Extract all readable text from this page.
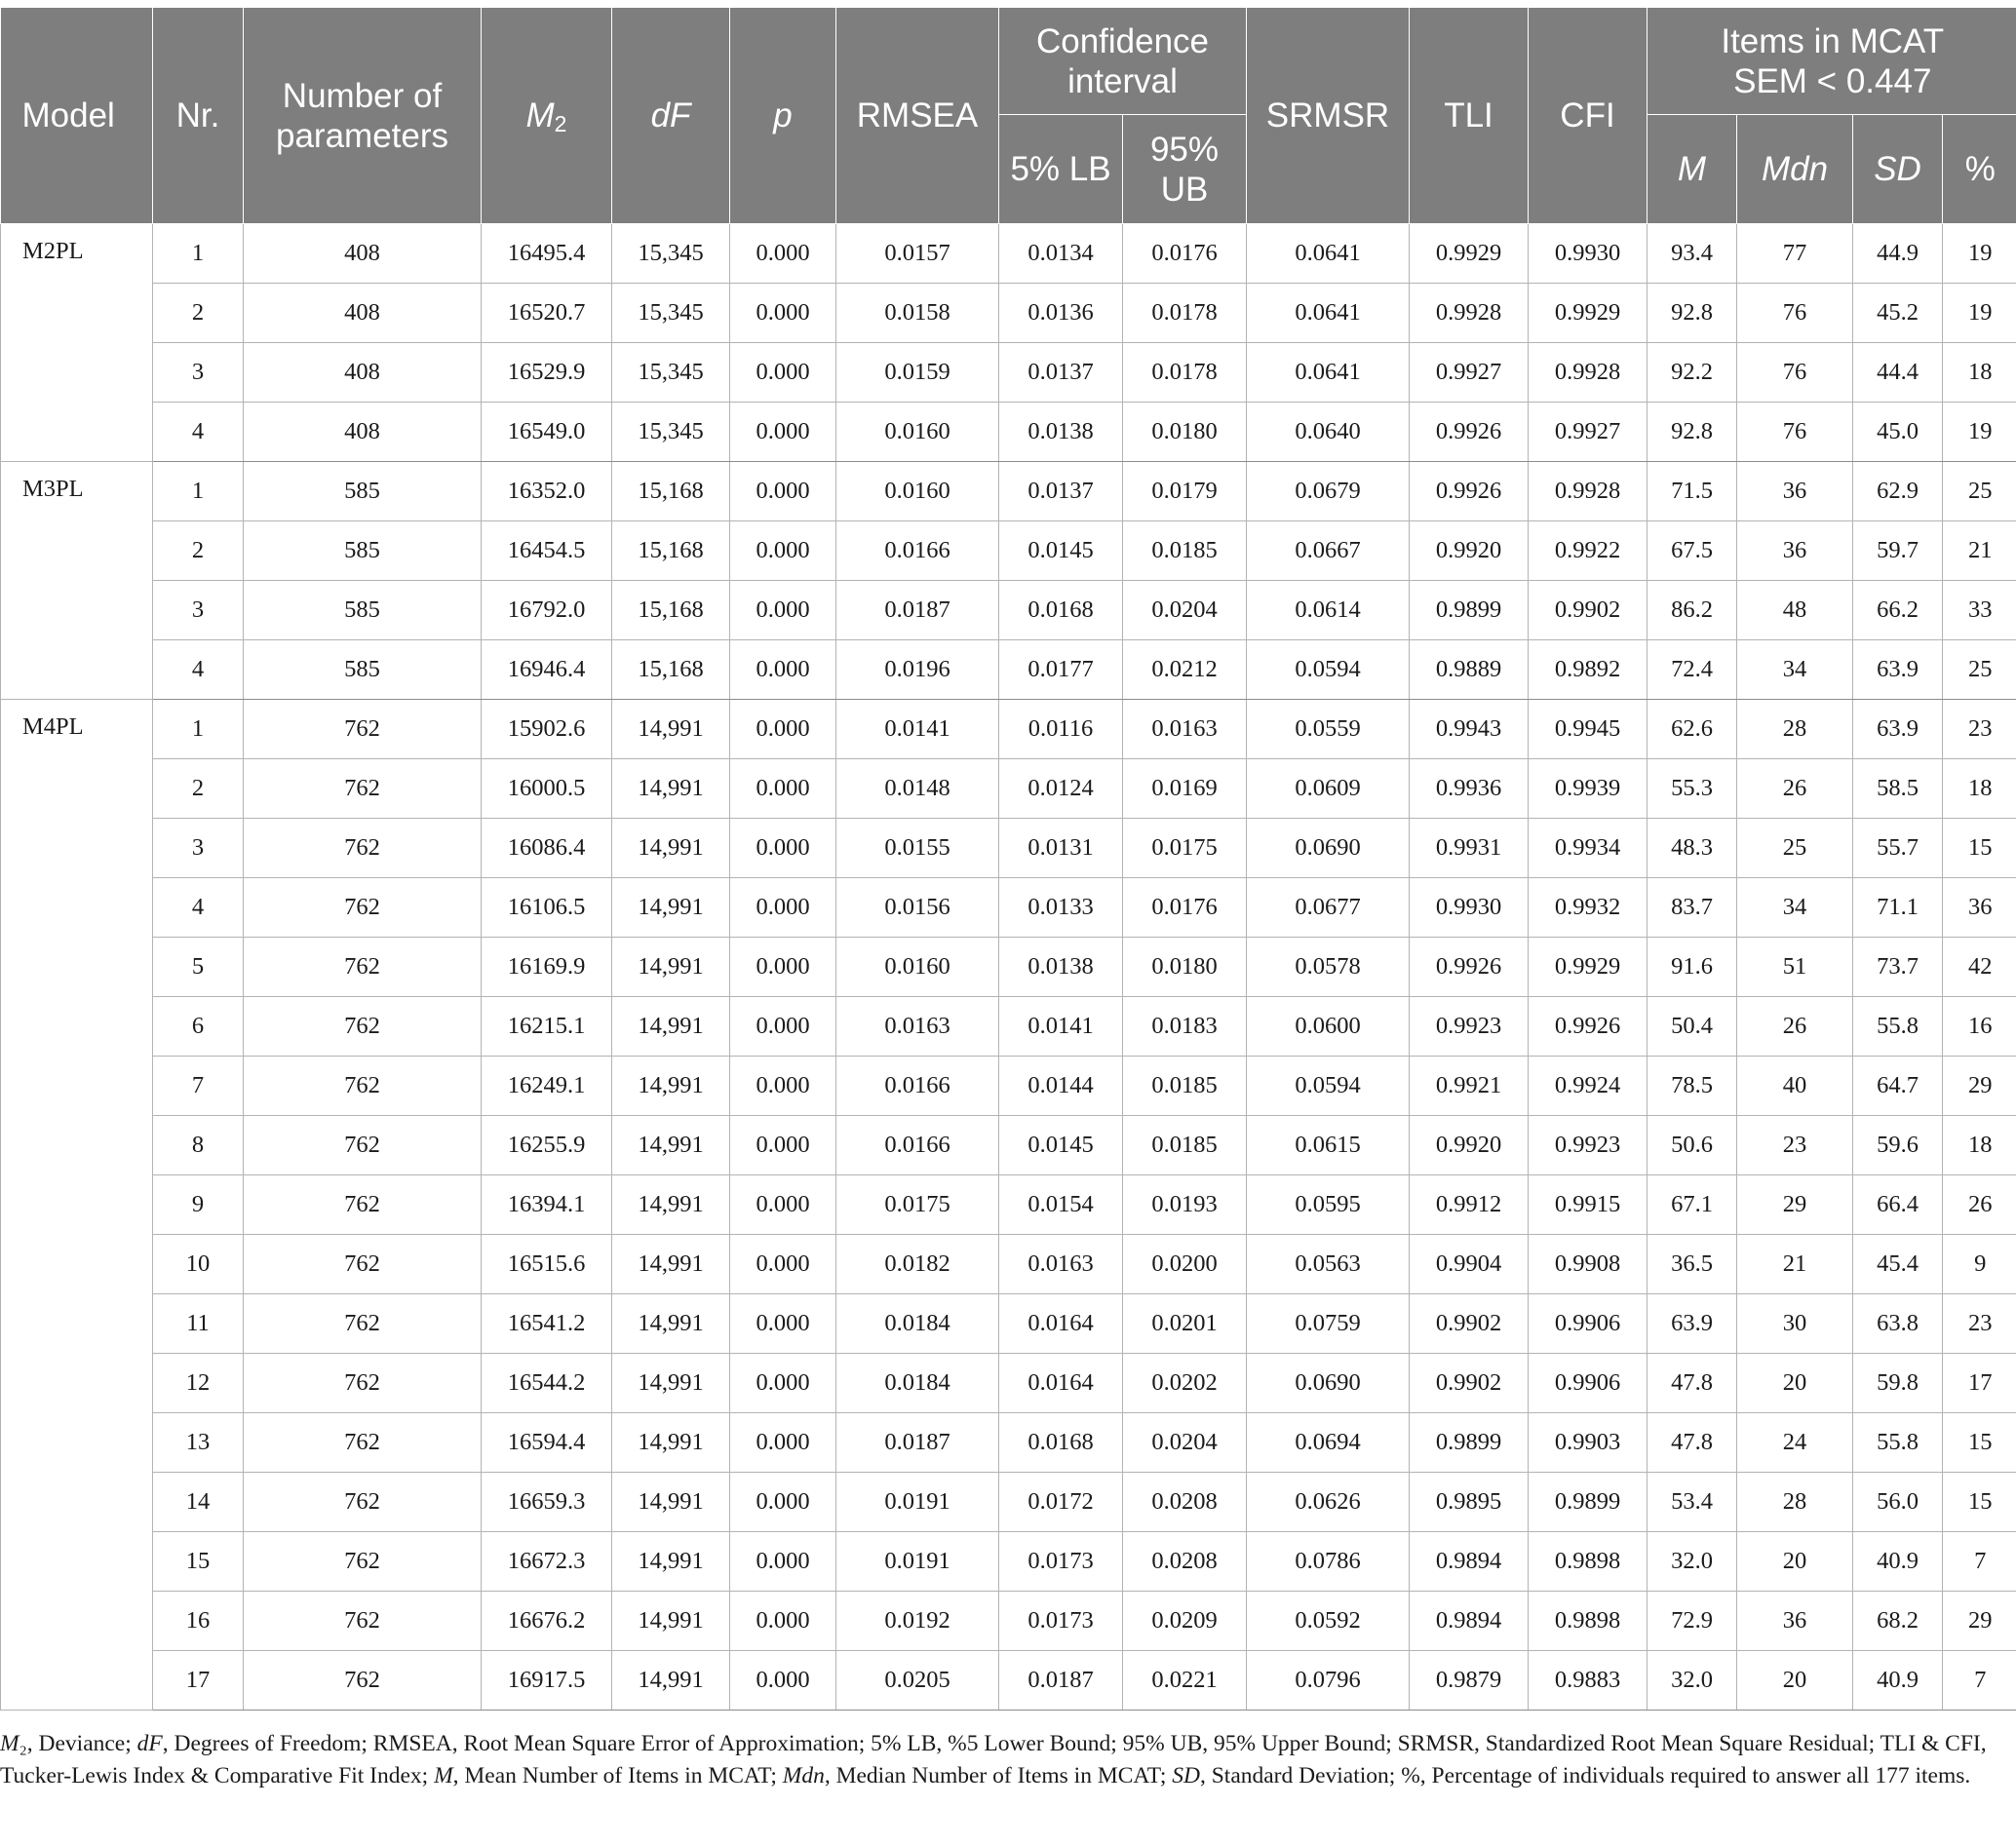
Model	Nr.	Number of parameters	$M_2$	dF	p	RMSEA	Confidence interval		SRMSR	TLI	CFI	Items in MCAT
SEM < 0.447			
							5% LB	95% UB				M	Mdn	SD	%
M2PL	1	408	16495.4	15,345	0.000	0.0157	0.0134	0.0176	0.0641	0.9929	0.9930	93.4	77	44.9	19
	2	408	16520.7	15,345	0.000	0.0158	0.0136	0.0178	0.0641	0.9928	0.9929	92.8	76	45.2	19
	3	408	16529.9	15,345	0.000	0.0159	0.0137	0.0178	0.0641	0.9927	0.9928	92.2	76	44.4	18
	4	408	16549.0	15,345	0.000	0.0160	0.0138	0.0180	0.0640	0.9926	0.9927	92.8	76	45.0	19
M3PL	1	585	16352.0	15,168	0.000	0.0160	0.0137	0.0179	0.0679	0.9926	0.9928	71.5	36	62.9	25
	2	585	16454.5	15,168	0.000	0.0166	0.0145	0.0185	0.0667	0.9920	0.9922	67.5	36	59.7	21
	3	585	16792.0	15,168	0.000	0.0187	0.0168	0.0204	0.0614	0.9899	0.9902	86.2	48	66.2	33
	4	585	16946.4	15,168	0.000	0.0196	0.0177	0.0212	0.0594	0.9889	0.9892	72.4	34	63.9	25
M4PL	1	762	15902.6	14,991	0.000	0.0141	0.0116	0.0163	0.0559	0.9943	0.9945	62.6	28	63.9	23
	2	762	16000.5	14,991	0.000	0.0148	0.0124	0.0169	0.0609	0.9936	0.9939	55.3	26	58.5	18
	3	762	16086.4	14,991	0.000	0.0155	0.0131	0.0175	0.0690	0.9931	0.9934	48.3	25	55.7	15
	4	762	16106.5	14,991	0.000	0.0156	0.0133	0.0176	0.0677	0.9930	0.9932	83.7	34	71.1	36
	5	762	16169.9	14,991	0.000	0.0160	0.0138	0.0180	0.0578	0.9926	0.9929	91.6	51	73.7	42
	6	762	16215.1	14,991	0.000	0.0163	0.0141	0.0183	0.0600	0.9923	0.9926	50.4	26	55.8	16
	7	762	16249.1	14,991	0.000	0.0166	0.0144	0.0185	0.0594	0.9921	0.9924	78.5	40	64.7	29
	8	762	16255.9	14,991	0.000	0.0166	0.0145	0.0185	0.0615	0.9920	0.9923	50.6	23	59.6	18
	9	762	16394.1	14,991	0.000	0.0175	0.0154	0.0193	0.0595	0.9912	0.9915	67.1	29	66.4	26
	10	762	16515.6	14,991	0.000	0.0182	0.0163	0.0200	0.0563	0.9904	0.9908	36.5	21	45.4	9
	11	762	16541.2	14,991	0.000	0.0184	0.0164	0.0201	0.0759	0.9902	0.9906	63.9	30	63.8	23
	12	762	16544.2	14,991	0.000	0.0184	0.0164	0.0202	0.0690	0.9902	0.9906	47.8	20	59.8	17
	13	762	16594.4	14,991	0.000	0.0187	0.0168	0.0204	0.0694	0.9899	0.9903	47.8	24	55.8	15
	14	762	16659.3	14,991	0.000	0.0191	0.0172	0.0208	0.0626	0.9895	0.9899	53.4	28	56.0	15
	15	762	16672.3	14,991	0.000	0.0191	0.0173	0.0208	0.0786	0.9894	0.9898	32.0	20	40.9	7
	16	762	16676.2	14,991	0.000	0.0192	0.0173	0.0209	0.0592	0.9894	0.9898	72.9	36	68.2	29
	17	762	16917.5	14,991	0.000	0.0205	0.0187	0.0221	0.0796	0.9879	0.9883	32.0	20	40.9	7
M₂, Deviance; dF, Degrees of Freedom; RMSEA, Root Mean Square Error of Approximation; 5% LB, %5 Lower Bound; 95% UB, 95% Upper Bound; SRMSR, Standardized Root Mean Square Residual; TLI & CFI, Tucker-Lewis Index & Comparative Fit Index; M, Mean Number of Items in MCAT; Mdn, Median Number of Items in MCAT; SD, Standard Deviation; %, Percentage of individuals required to answer all 177 items.
